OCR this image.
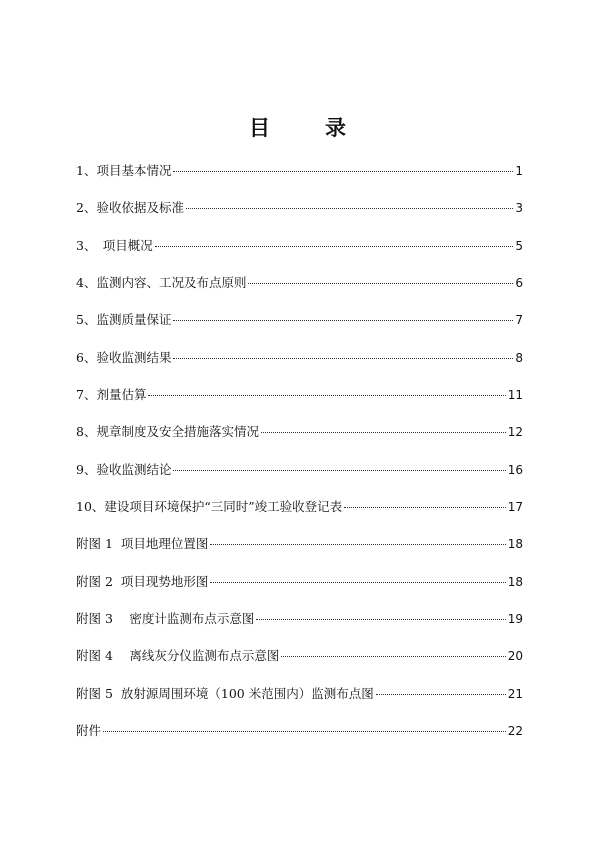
目　录
1、项目基本情况	1
2、验收依据及标准	3
3、　项目概况	5
4、监测内容、工况及布点原则	6
5、监测质量保证	7
6、验收监测结果	8
7、剂量估算	11
8、规章制度及安全措施落实情况	12
9、验收监测结论	16
10、建设项目环境保护“三同时”竣工验收登记表	17
附图 1  项目地理位置图	18
附图 2  项目现势地形图	18
附图 3　 密度计监测布点示意图	19
附图 4　 离线灰分仪监测布点示意图	20
附图 5  放射源周围环境（100 米范围内）监测布点图	21
附件	22
